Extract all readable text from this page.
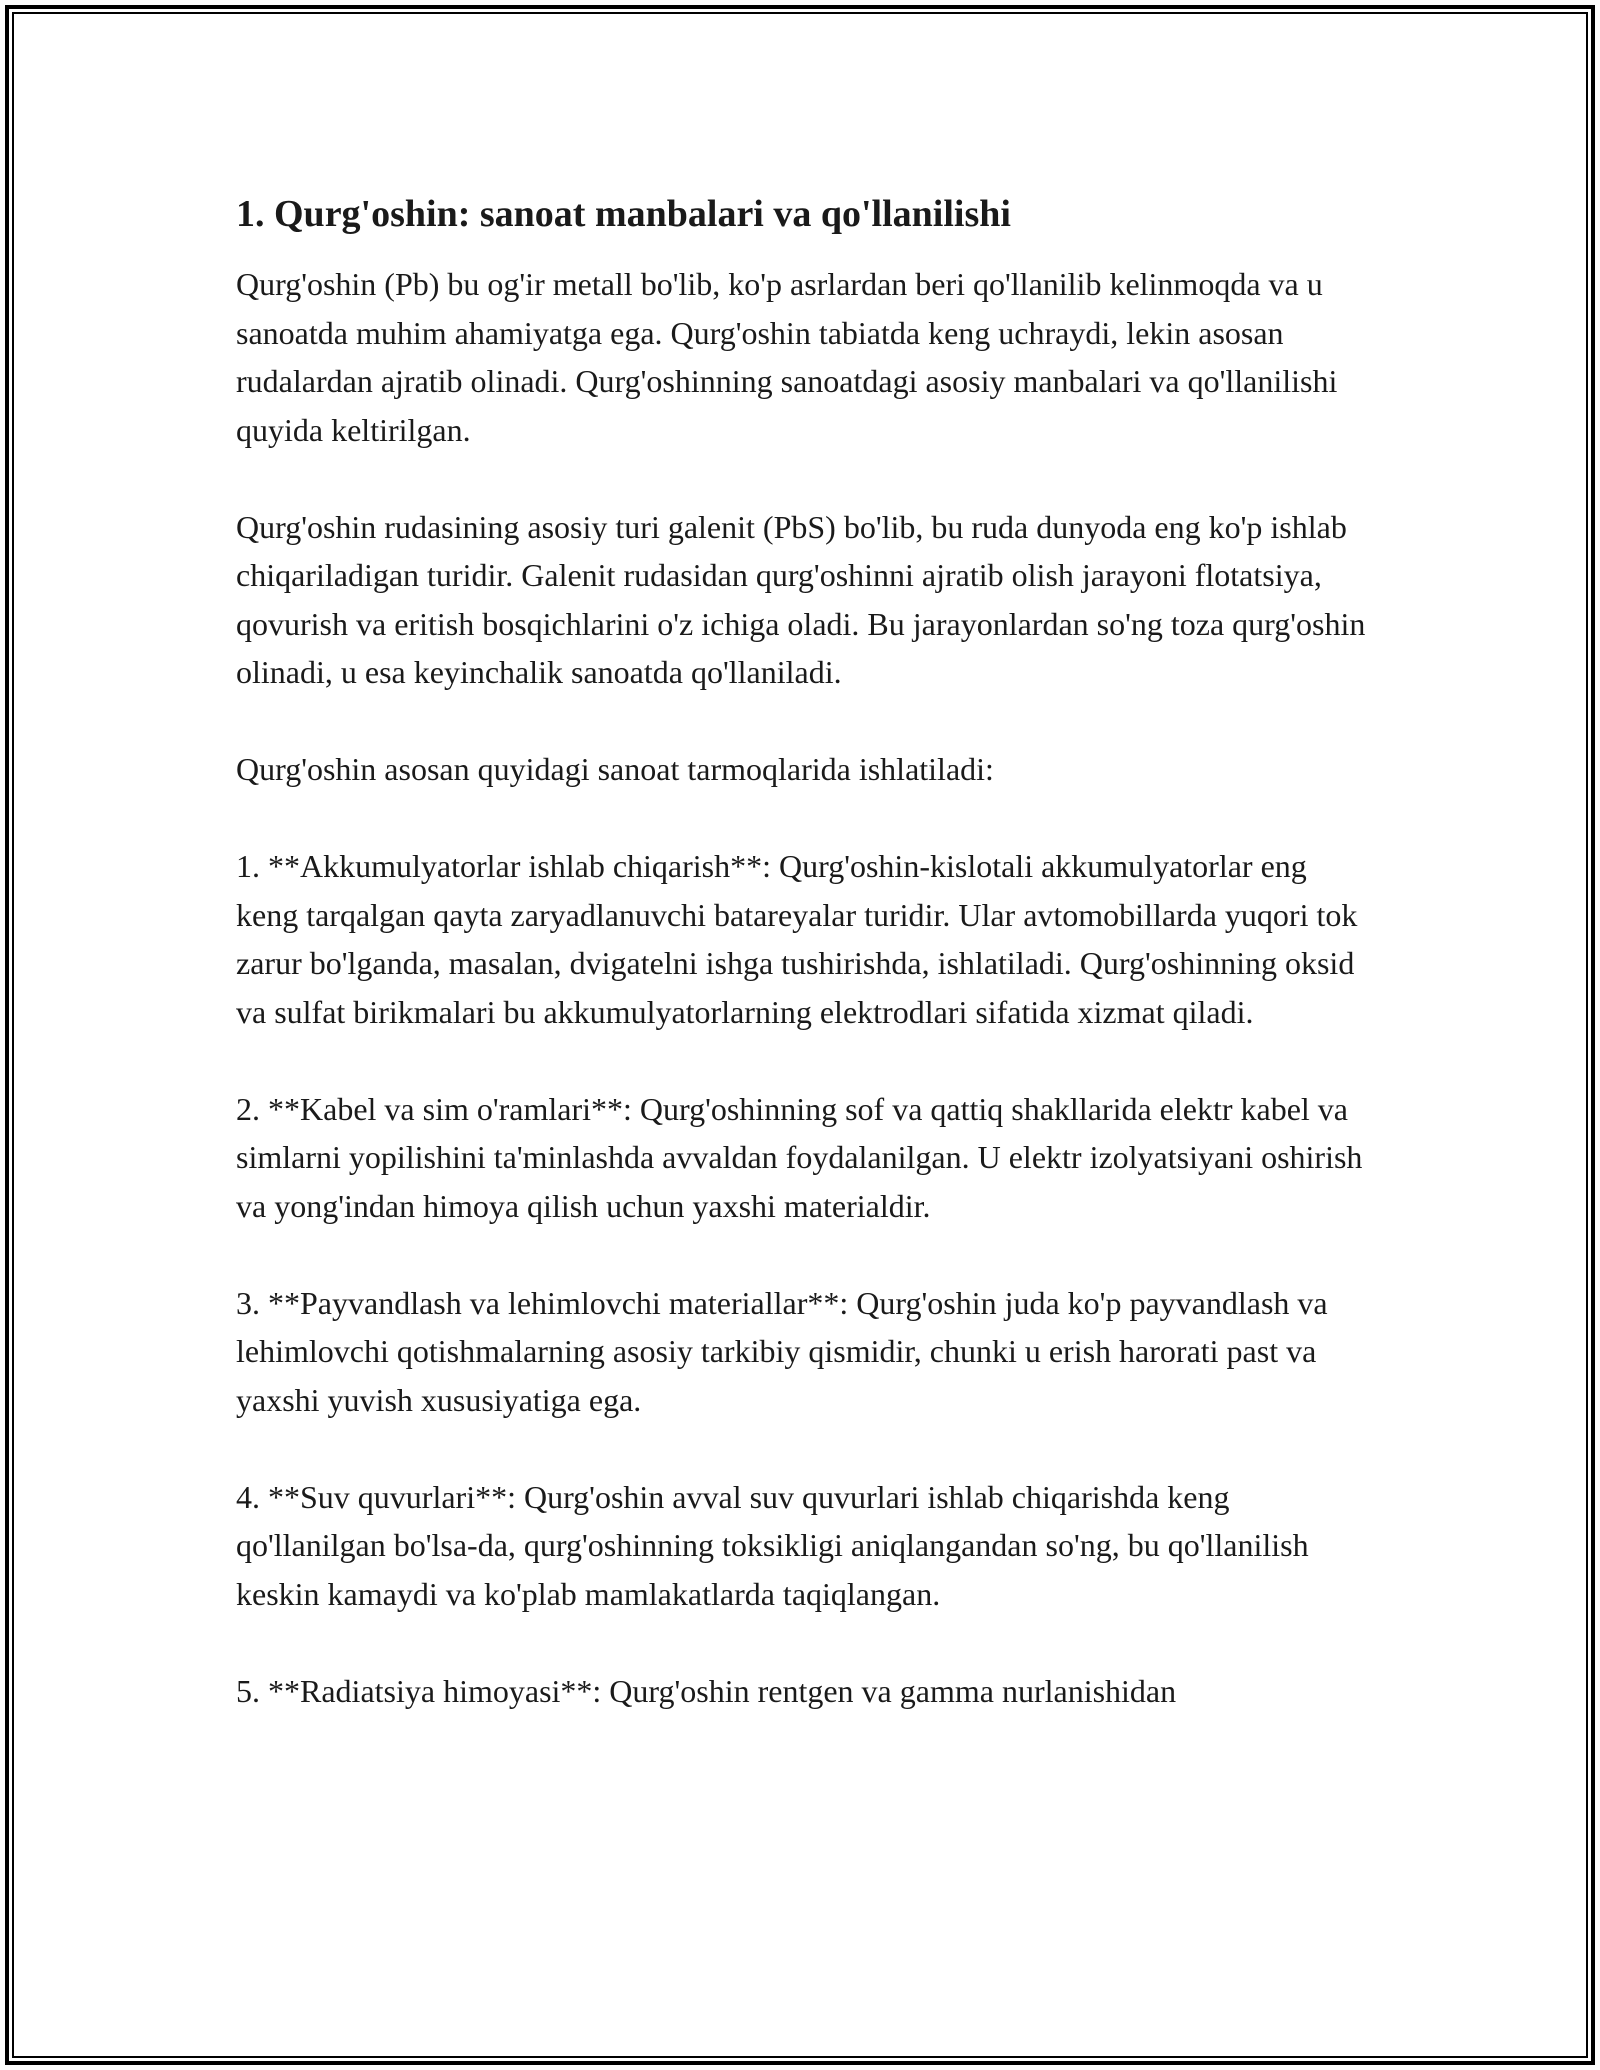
1. Qurg'oshin: sanoat manbalari va qo'llanilishi

Qurg'oshin (Pb) bu og'ir metall bo'lib, ko'p asrlardan beri qo'llanilib kelinmoqda va u sanoatda muhim ahamiyatga ega. Qurg'oshin tabiatda keng uchraydi, lekin asosan rudalardan ajratib olinadi. Qurg'oshinning sanoatdagi asosiy manbalari va qo'llanilishi quyida keltirilgan.

Qurg'oshin rudasining asosiy turi galenit (PbS) bo'lib, bu ruda dunyoda eng ko'p ishlab chiqariladigan turidir. Galenit rudasidan qurg'oshinni ajratib olish jarayoni flotatsiya, qovurish va eritish bosqichlarini o'z ichiga oladi. Bu jarayonlardan so'ng toza qurg'oshin olinadi, u esa keyinchalik sanoatda qo'llaniladi.

Qurg'oshin asosan quyidagi sanoat tarmoqlarida ishlatiladi:

1. **Akkumulyatorlar ishlab chiqarish**: Qurg'oshin-kislotali akkumulyatorlar eng keng tarqalgan qayta zaryadlanuvchi batareyalar turidir. Ular avtomobillarda yuqori tok zarur bo'lganda, masalan, dvigatelni ishga tushirishda, ishlatiladi. Qurg'oshinning oksid va sulfat birikmalari bu akkumulyatorlarning elektrodlari sifatida xizmat qiladi.

2. **Kabel va sim o'ramlari**: Qurg'oshinning sof va qattiq shakllarida elektr kabel va simlarni yopilishini ta'minlashda avvaldan foydalanilgan. U elektr izolyatsiyani oshirish va yong'indan himoya qilish uchun yaxshi materialdir.

3. **Payvandlash va lehimlovchi materiallar**: Qurg'oshin juda ko'p payvandlash va lehimlovchi qotishmalarning asosiy tarkibiy qismidir, chunki u erish harorati past va yaxshi yuvish xususiyatiga ega.

4. **Suv quvurlari**: Qurg'oshin avval suv quvurlari ishlab chiqarishda keng qo'llanilgan bo'lsa-da, qurg'oshinning toksikligi aniqlangandan so'ng, bu qo'llanilish keskin kamaydi va ko'plab mamlakatlarda taqiqlangan.

5. **Radiatsiya himoyasi**: Qurg'oshin rentgen va gamma nurlanishidan
